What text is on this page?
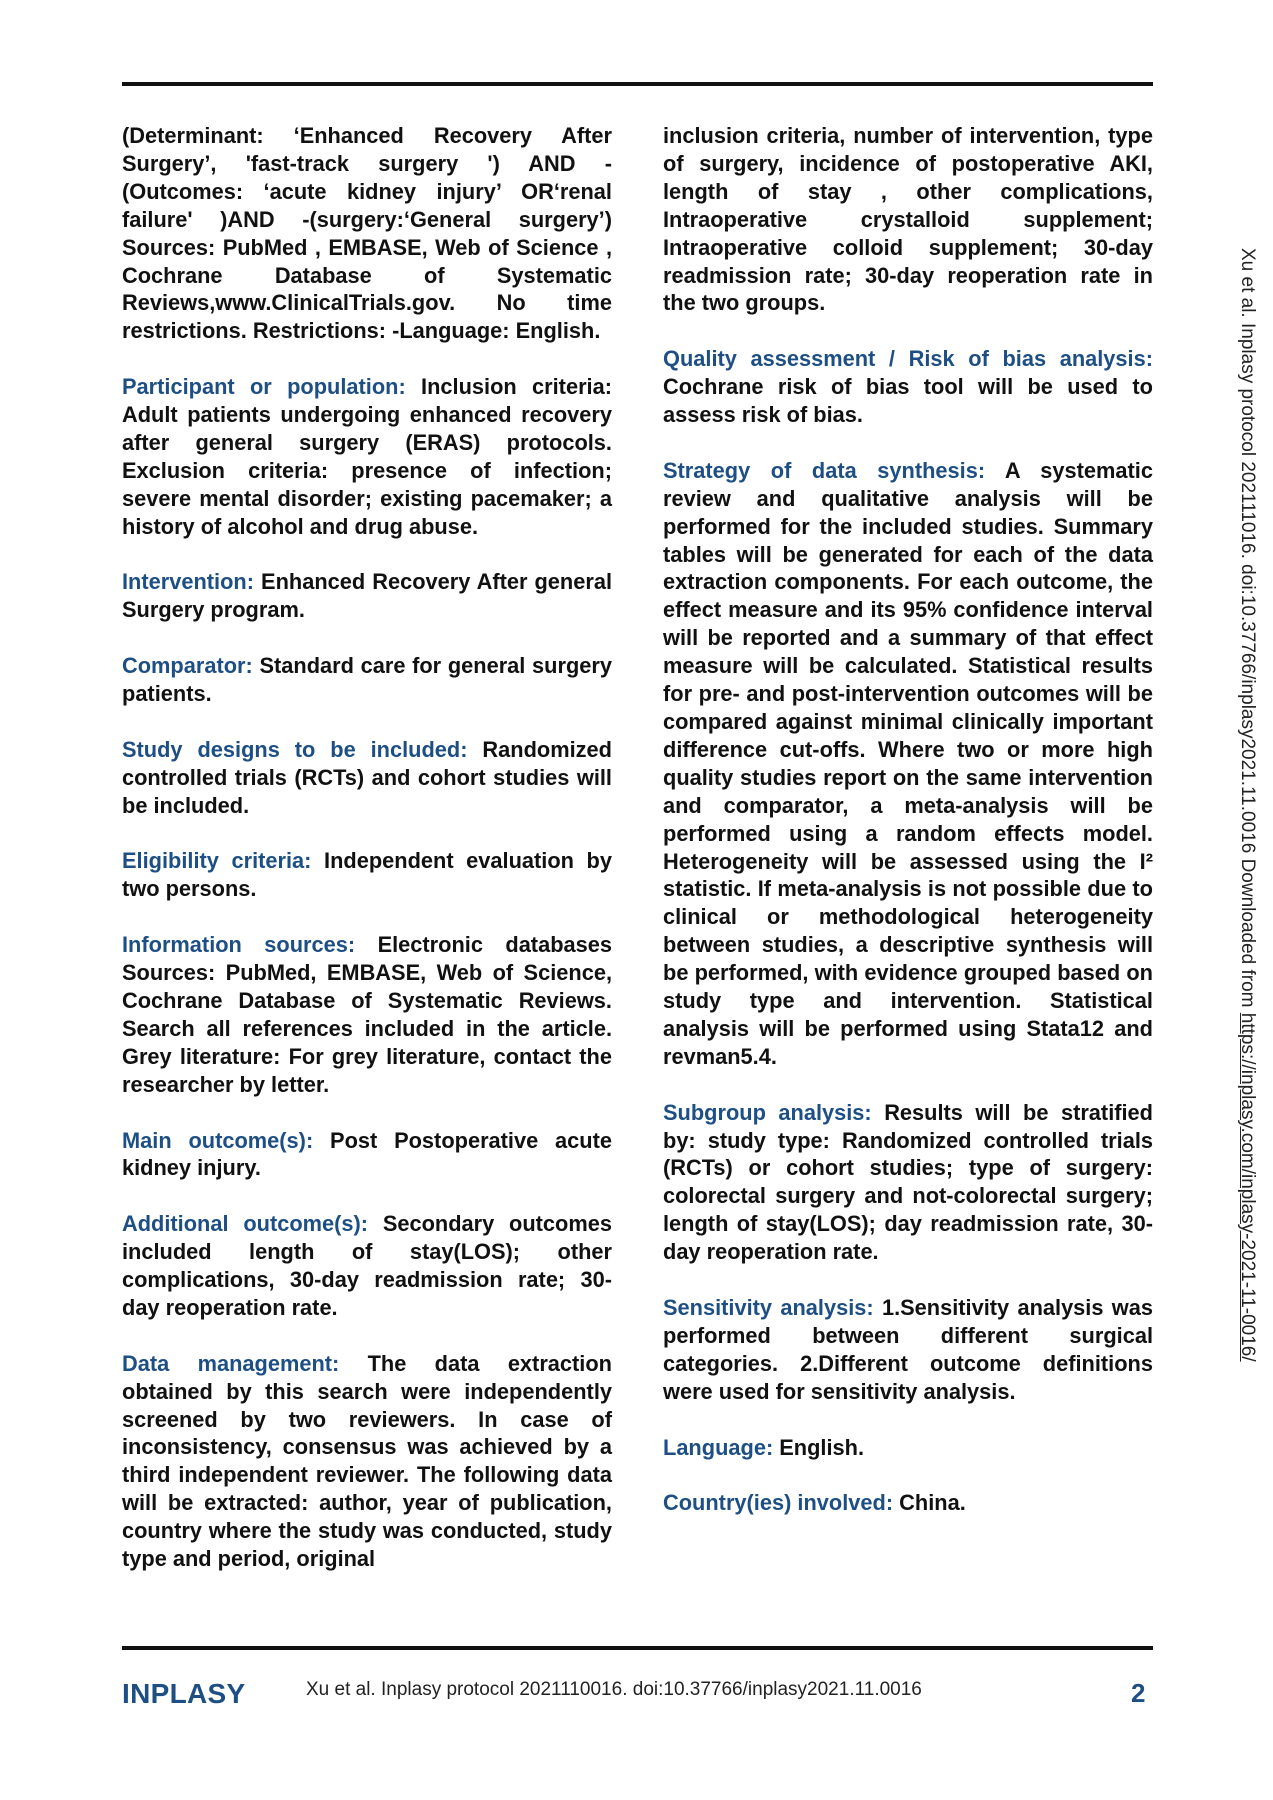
(Determinant: ‘Enhanced Recovery After Surgery’, 'fast-track surgery ') AND -(Outcomes: ‘acute kidney injury’ OR‘renal failure' )AND -(surgery:‘General surgery’) Sources: PubMed , EMBASE, Web of Science , Cochrane Database of Systematic Reviews,www.ClinicalTrials.gov. No time restrictions. Restrictions: -Language: English.

Participant or population: Inclusion criteria: Adult patients undergoing enhanced recovery after general surgery (ERAS) protocols. Exclusion criteria: presence of infection; severe mental disorder; existing pacemaker; a history of alcohol and drug abuse.

Intervention: Enhanced Recovery After general Surgery program.

Comparator: Standard care for general surgery patients.

Study designs to be included: Randomized controlled trials (RCTs) and cohort studies will be included.

Eligibility criteria: Independent evaluation by two persons.

Information sources: Electronic databases Sources: PubMed, EMBASE, Web of Science, Cochrane Database of Systematic Reviews. Search all references included in the article. Grey literature: For grey literature, contact the researcher by letter.

Main outcome(s): Post Postoperative acute kidney injury.

Additional outcome(s): Secondary outcomes included length of stay(LOS); other complications, 30-day readmission rate; 30-day reoperation rate.

Data management: The data extraction obtained by this search were independently screened by two reviewers. In case of inconsistency, consensus was achieved by a third independent reviewer. The following data will be extracted: author, year of publication, country where the study was conducted, study type and period, original

inclusion criteria, number of intervention, type of surgery, incidence of postoperative AKI, length of stay , other complications, Intraoperative crystalloid supplement; Intraoperative colloid supplement; 30-day readmission rate; 30-day reoperation rate in the two groups.

Quality assessment / Risk of bias analysis: Cochrane risk of bias tool will be used to assess risk of bias.

Strategy of data synthesis: A systematic review and qualitative analysis will be performed for the included studies. Summary tables will be generated for each of the data extraction components. For each outcome, the effect measure and its 95% confidence interval will be reported and a summary of that effect measure will be calculated. Statistical results for pre- and post-intervention outcomes will be compared against minimal clinically important difference cut-offs. Where two or more high quality studies report on the same intervention and comparator, a meta-analysis will be performed using a random effects model. Heterogeneity will be assessed using the I² statistic. If meta-analysis is not possible due to clinical or methodological heterogeneity between studies, a descriptive synthesis will be performed, with evidence grouped based on study type and intervention. Statistical analysis will be performed using Stata12 and revman5.4.

Subgroup analysis: Results will be stratified by: study type: Randomized controlled trials (RCTs) or cohort studies; type of surgery: colorectal surgery and not-colorectal surgery; length of stay(LOS); day readmission rate, 30-day reoperation rate.

Sensitivity analysis: 1.Sensitivity analysis was performed between different surgical categories. 2.Different outcome definitions were used for sensitivity analysis.

Language: English.

Country(ies) involved: China.

Xu et al. Inplasy protocol 202111016. doi:10.37766/inplasy2021.11.0016 Downloaded from https://inplasy.com/inplasy-2021-11-0016/
INPLASY	Xu et al. Inplasy protocol 2021110016. doi:10.37766/inplasy2021.11.0016	2
